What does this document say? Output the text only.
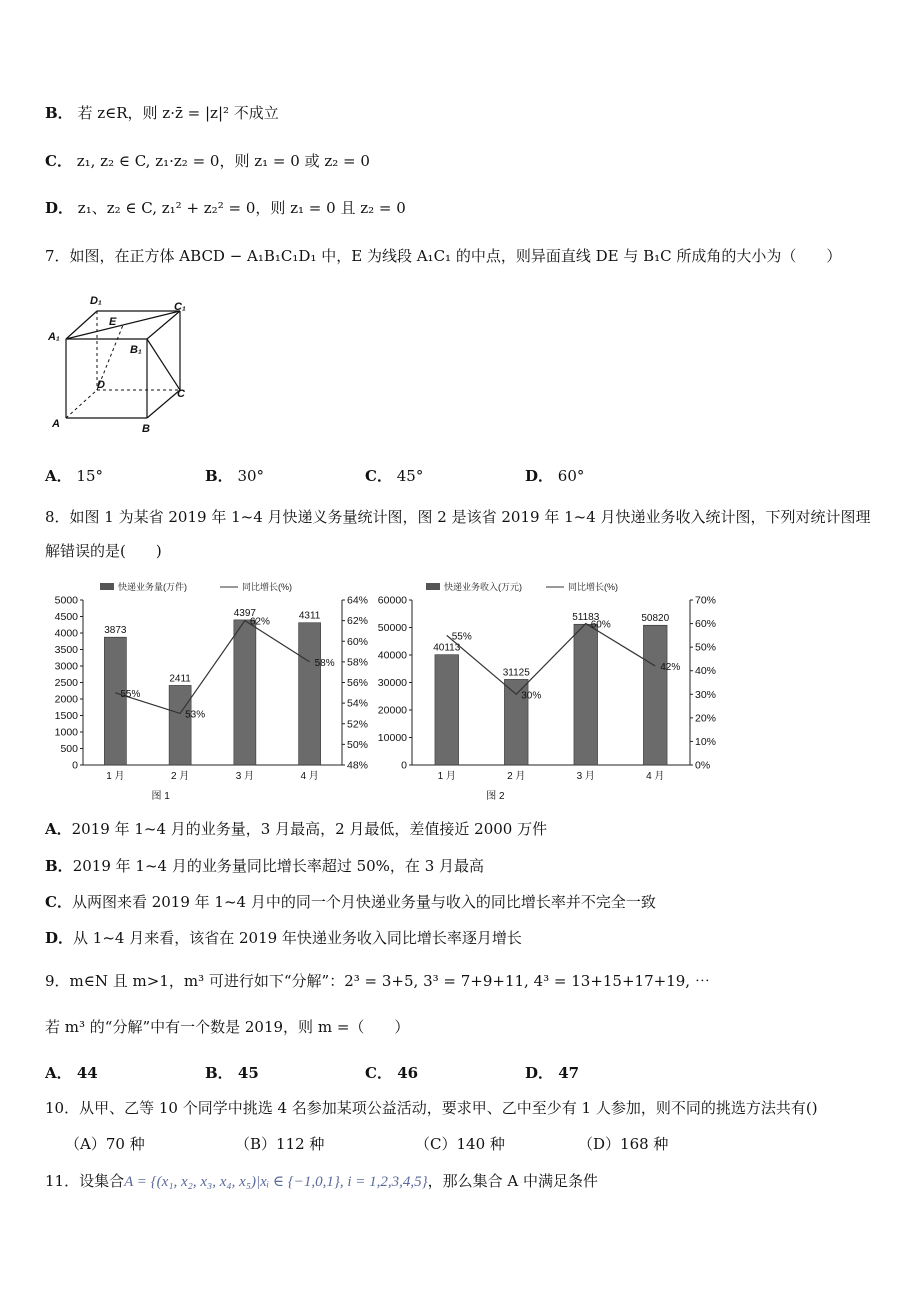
B． 若 z∈R，则 z·z̄ = |z|² 不成立
C． z₁, z₂ ∈ C, z₁·z₂ = 0，则 z₁ = 0 或 z₂ = 0
D． z₁、z₂ ∈ C, z₁² + z₂² = 0，则 z₁ = 0 且 z₂ = 0
7．如图，在正方体 ABCD − A₁B₁C₁D₁ 中，E 为线段 A₁C₁ 的中点，则异面直线 DE 与 B₁C 所成角的大小为（　　）
D₁	C₁
A₁
B₁
E
D
C
A	B
A． 15°	B． 30°	C． 45°	D． 60°
8．如图 1 为某省 2019 年 1~4 月快递义务量统计图，图 2 是该省 2019 年 1~4 月快递业务收入统计图，下列对统计图理
解错误的是(　　)
快递业务量(万件)	同比增长(%)
0
500
1000
1500
2000
2500
3000
3500
4000
4500
5000
48%
50%
52%
54%
56%
58%
60%
62%
64%
3873
1 月
2411
2 月
4397
3 月
4311
4 月
55%
53%
62%
58%
图 1
快递业务收入(万元)	同比增长(%)
0
10000
20000
30000
40000
50000
60000
0%
10%
20%
30%
40%
50%
60%
70%
40113
1 月
31125
2 月
51183
3 月
50820
4 月
55%
30%
60%
42%
图 2
A．2019 年 1~4 月的业务量，3 月最高，2 月最低，差值接近 2000 万件
B．2019 年 1~4 月的业务量同比增长率超过 50%，在 3 月最高
C．从两图来看 2019 年 1~4 月中的同一个月快递业务量与收入的同比增长率并不完全一致
D．从 1~4 月来看，该省在 2019 年快递业务收入同比增长率逐月增长
9．m∈N 且 m>1，m³ 可进行如下“分解”：2³ = 3+5, 3³ = 7+9+11, 4³ = 13+15+17+19, ⋯
若 m³ 的“分解”中有一个数是 2019，则 m =（　　）
A． 44	B． 45	C． 46	D． 47
10．从甲、乙等 10 个同学中挑选 4 名参加某项公益活动，要求甲、乙中至少有 1 人参加，则不同的挑选方法共有()
（A）70 种	（B）112 种	（C）140 种	（D）168 种
11．设集合A = {(x₁, x₂, x₃, x₄, x₅)|xᵢ ∈ {−1,0,1}, i = 1,2,3,4,5}，那么集合 A 中满足条件
